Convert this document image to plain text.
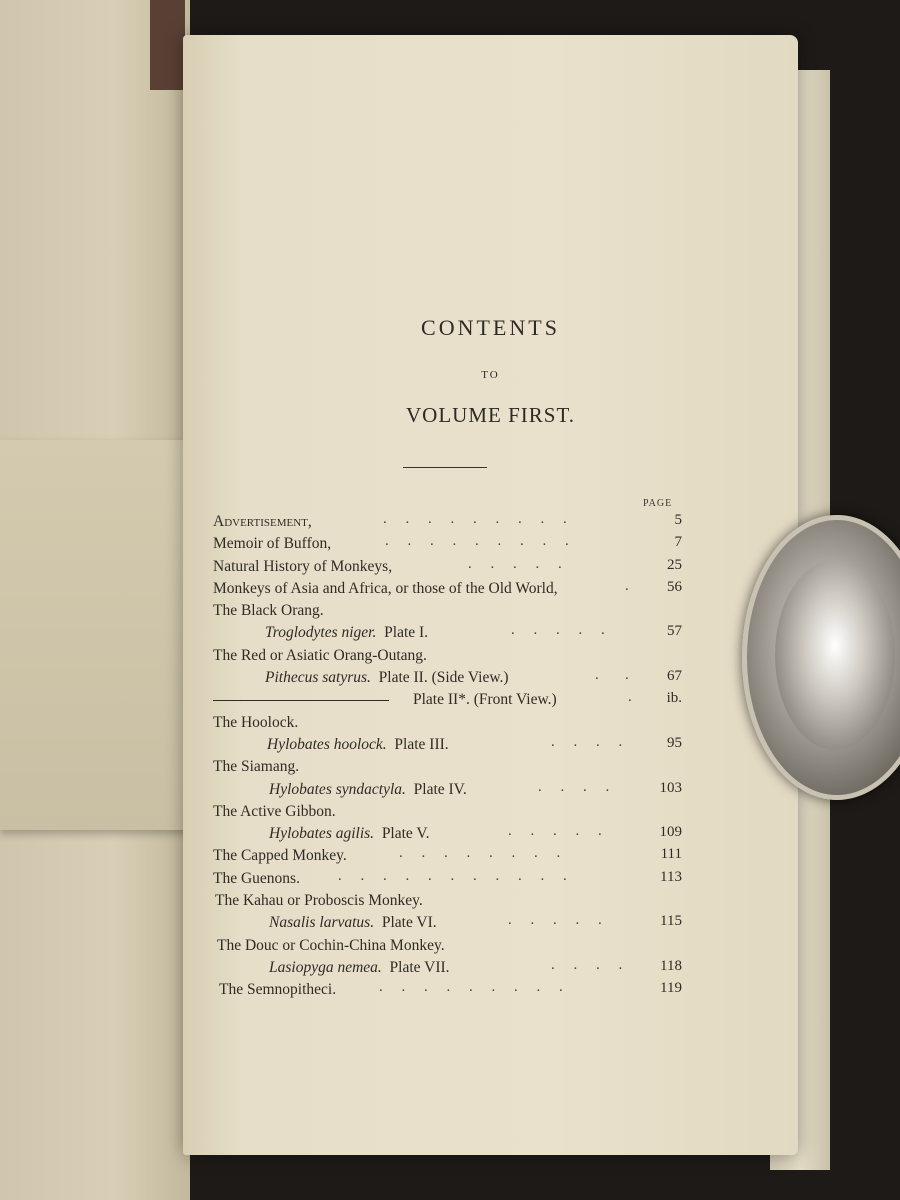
CONTENTS
TO
VOLUME FIRST.
PAGE
Advertisement,	.     .     .     .     .     .     .     .     .	5
Memoir of Buffon,	.     .     .     .     .     .     .     .     .	7
Natural History of Monkeys,	.     .     .     .     .	25
Monkeys of Asia and Africa, or those of the Old World,	.	56
The Black Orang.
Troglodytes niger. Plate I.	.     .     .     .     .	57
The Red or Asiatic Orang-Outang.
Pithecus satyrus. Plate II. (Side View.)	.       .	67
Plate II*. (Front View.)	. ib.
The Hoolock.
Hylobates hoolock. Plate III.	.     .     .     .	95
The Siamang.
Hylobates syndactyla. Plate IV.	.     .     .     .	103
The Active Gibbon.
Hylobates agilis. Plate V.	.     .     .     .     .	109
The Capped Monkey.	.     .     .     .     .     .     .     .	111
The Guenons.	.     .     .     .     .     .     .     .     .     .     .	113
The Kahau or Proboscis Monkey.
Nasalis larvatus. Plate VI.	.     .     .     .     .	115
The Douc or Cochin-China Monkey.
Lasiopyga nemea. Plate VII.	.     .     .     .	118
The Semnopitheci.	.     .     .     .     .     .     .     .     .	119
